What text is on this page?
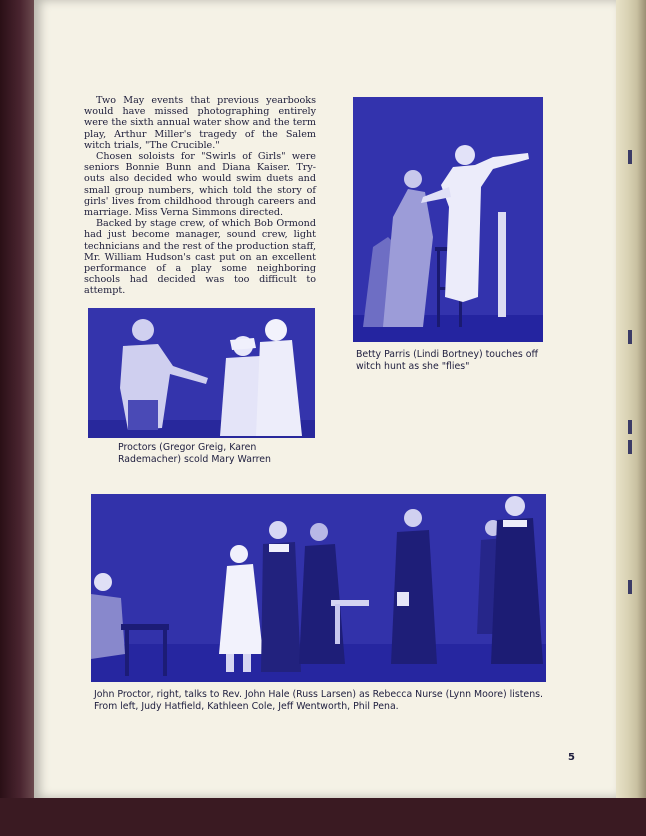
Two May events that previous yearbooks would have missed photographing entirely were the sixth annual water show and the term play, Arthur Miller's tragedy of the Salem witch trials, "The Crucible."

Chosen soloists for "Swirls of Girls" were seniors Bonnie Bunn and Diana Kaiser. Try-outs also decided who would swim duets and small group numbers, which told the story of girls' lives from childhood through careers and marriage. Miss Verna Simmons directed.

Backed by stage crew, of which Bob Ormond had just become manager, sound crew, light technicians and the rest of the production staff, Mr. William Hudson's cast put on an excellent performance of a play some neighboring schools had decided was too difficult to attempt.

Betty Parris (Lindi Bortney) touches off witch hunt as she "flies"
Proctors (Gregor Greig, Karen Rademacher) scold Mary Warren
John Proctor, right, talks to Rev. John Hale (Russ Larsen) as Rebecca Nurse (Lynn Moore) listens. From left, Judy Hatfield, Kathleen Cole, Jeff Wentworth, Phil Pena.
5
